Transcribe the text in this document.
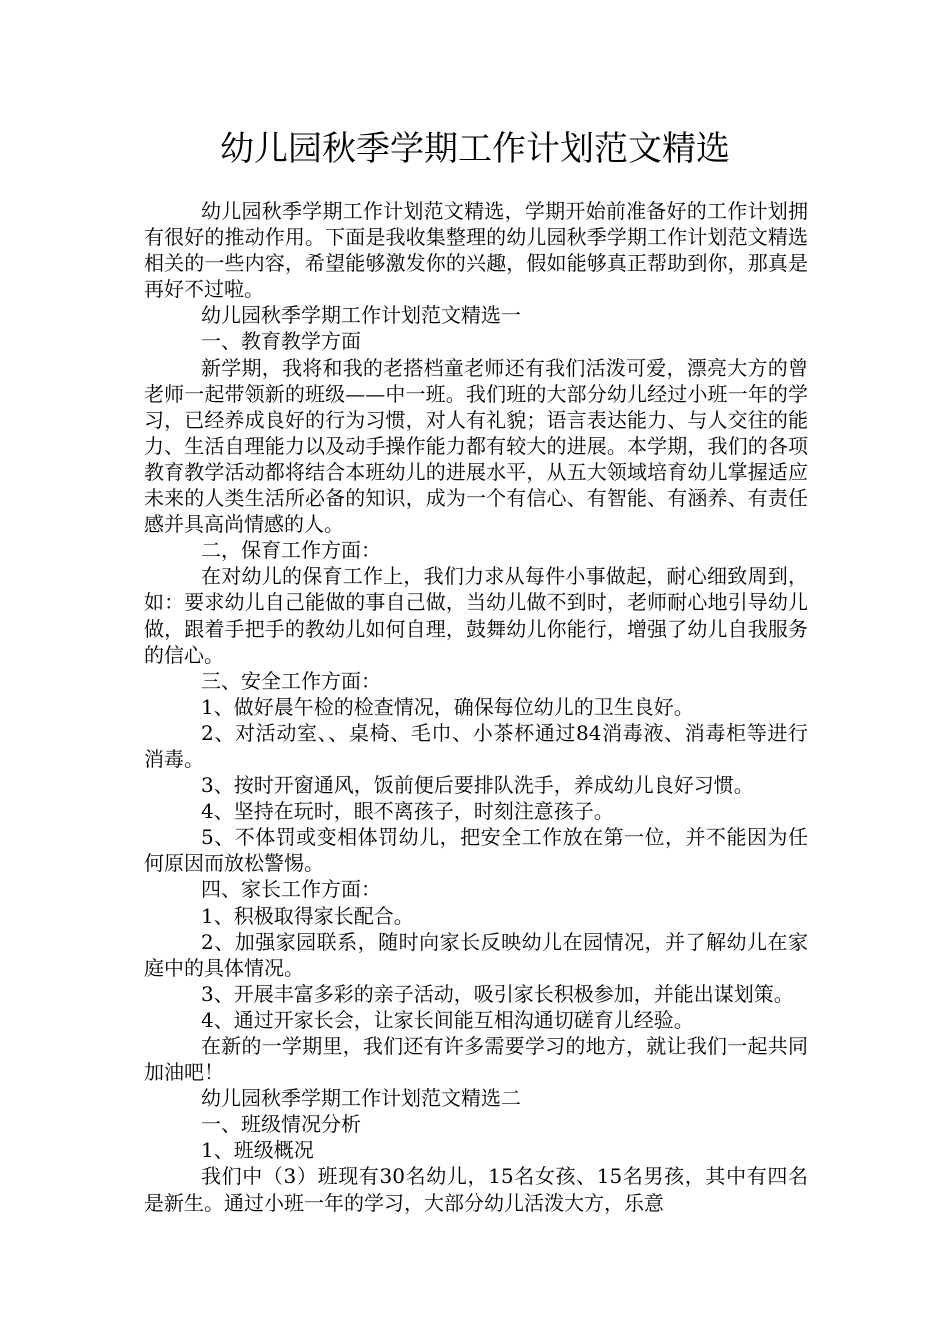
幼儿园秋季学期工作计划范文精选

幼儿园秋季学期工作计划范文精选，学期开始前准备好的工作计划拥有很好的推动作用。下面是我收集整理的幼儿园秋季学期工作计划范文精选相关的一些内容，希望能够激发你的兴趣，假如能够真正帮助到你，那真是再好不过啦。

幼儿园秋季学期工作计划范文精选一

一、教育教学方面

新学期，我将和我的老搭档童老师还有我们活泼可爱，漂亮大方的曾老师一起带领新的班级——中一班。我们班的大部分幼儿经过小班一年的学习，已经养成良好的行为习惯，对人有礼貌；语言表达能力、与人交往的能力、生活自理能力以及动手操作能力都有较大的进展。本学期，我们的各项教育教学活动都将结合本班幼儿的进展水平，从五大领域培育幼儿掌握适应未来的人类生活所必备的知识，成为一个有信心、有智能、有涵养、有责任感并具高尚情感的人。

二，保育工作方面：

在对幼儿的保育工作上，我们力求从每件小事做起，耐心细致周到，如：要求幼儿自己能做的事自己做，当幼儿做不到时，老师耐心地引导幼儿做，跟着手把手的教幼儿如何自理，鼓舞幼儿你能行，增强了幼儿自我服务的信心。

三、安全工作方面：

1、做好晨午检的检查情况，确保每位幼儿的卫生良好。

2、对活动室、、桌椅、毛巾、小茶杯通过84消毒液、消毒柜等进行消毒。

3、按时开窗通风，饭前便后要排队洗手，养成幼儿良好习惯。

4、坚持在玩时，眼不离孩子，时刻注意孩子。

5、不体罚或变相体罚幼儿，把安全工作放在第一位，并不能因为任何原因而放松警惕。

四、家长工作方面：

1、积极取得家长配合。

2、加强家园联系，随时向家长反映幼儿在园情况，并了解幼儿在家庭中的具体情况。

3、开展丰富多彩的亲子活动，吸引家长积极参加，并能出谋划策。

4、通过开家长会，让家长间能互相沟通切磋育儿经验。

在新的一学期里，我们还有许多需要学习的地方，就让我们一起共同加油吧！

幼儿园秋季学期工作计划范文精选二

一、班级情况分析

1、班级概况

我们中（3）班现有30名幼儿，15名女孩、15名男孩，其中有四名是新生。通过小班一年的学习，大部分幼儿活泼大方，乐意
